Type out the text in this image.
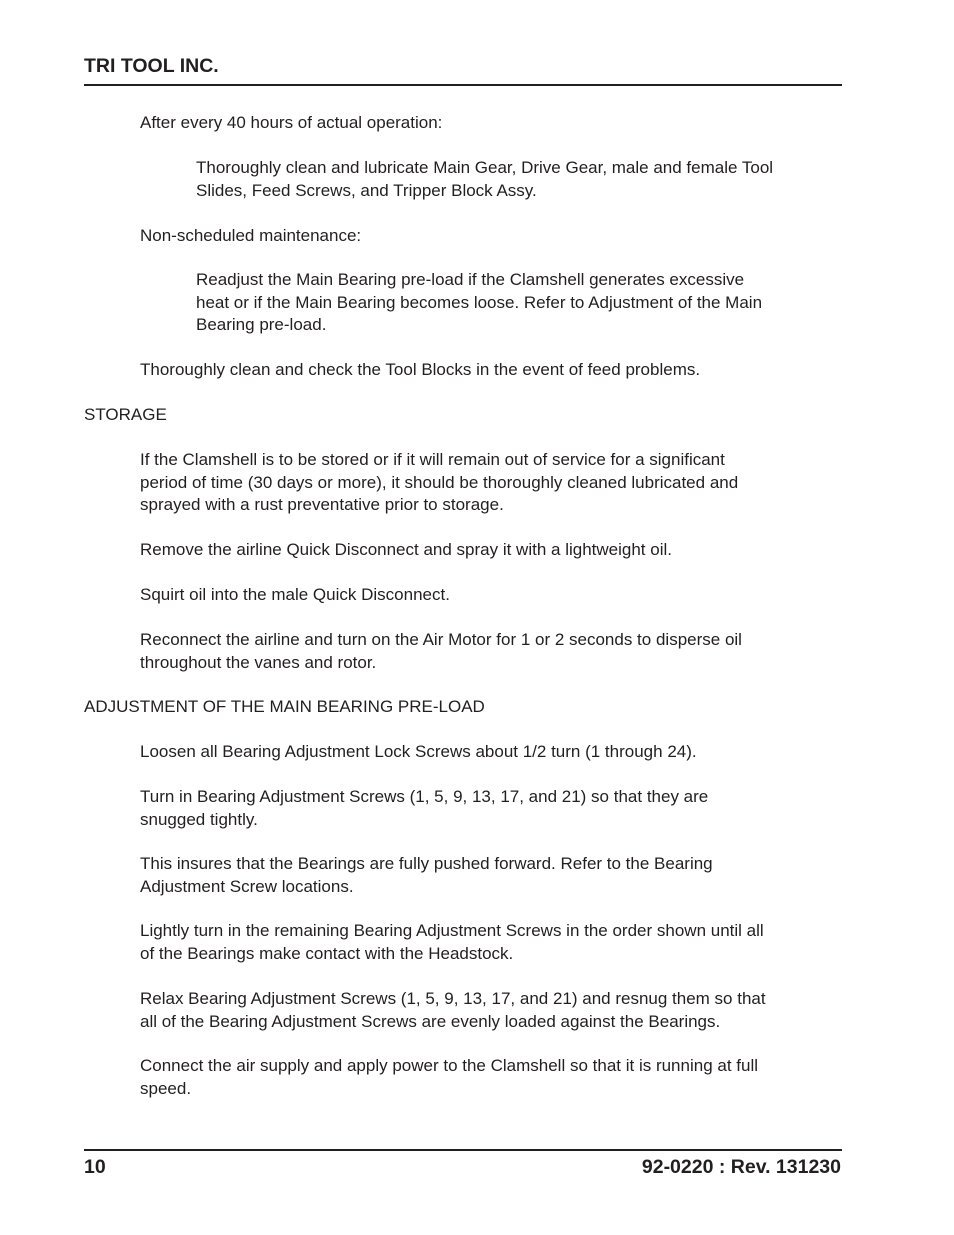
TRI TOOL INC.

After every 40 hours of actual operation:

Thoroughly clean and lubricate Main Gear, Drive Gear, male and female Tool
Slides, Feed Screws, and Tripper Block Assy.

Non-scheduled maintenance:

Readjust the Main Bearing pre-load if the Clamshell generates excessive
heat or if the Main Bearing becomes loose. Refer to Adjustment of the Main
Bearing pre-load.

Thoroughly clean and check the Tool Blocks in the event of feed problems.

STORAGE

If the Clamshell is to be stored or if it will remain out of service for a significant
period of time (30 days or more), it should be thoroughly cleaned lubricated and
sprayed with a rust preventative prior to storage.

Remove the airline Quick Disconnect and spray it with a lightweight oil.

Squirt oil into the male Quick Disconnect.

Reconnect the airline and turn on the Air Motor for 1 or 2 seconds to disperse oil
throughout the vanes and rotor.

ADJUSTMENT OF THE MAIN BEARING PRE-LOAD

Loosen all Bearing Adjustment Lock Screws about 1/2 turn (1 through 24).

Turn in Bearing Adjustment Screws (1, 5, 9, 13, 17, and 21) so that they are
snugged tightly.

This insures that the Bearings are fully pushed forward. Refer to the Bearing
Adjustment Screw locations.

Lightly turn in the remaining Bearing Adjustment Screws in the order shown until all
of the Bearings make contact with the Headstock.

Relax Bearing Adjustment Screws (1, 5, 9, 13, 17, and 21) and resnug them so that
all of the Bearing Adjustment Screws are evenly loaded against the Bearings.

Connect the air supply and apply power to the Clamshell so that it is running at full
speed.

10	92-0220 : Rev. 131230
